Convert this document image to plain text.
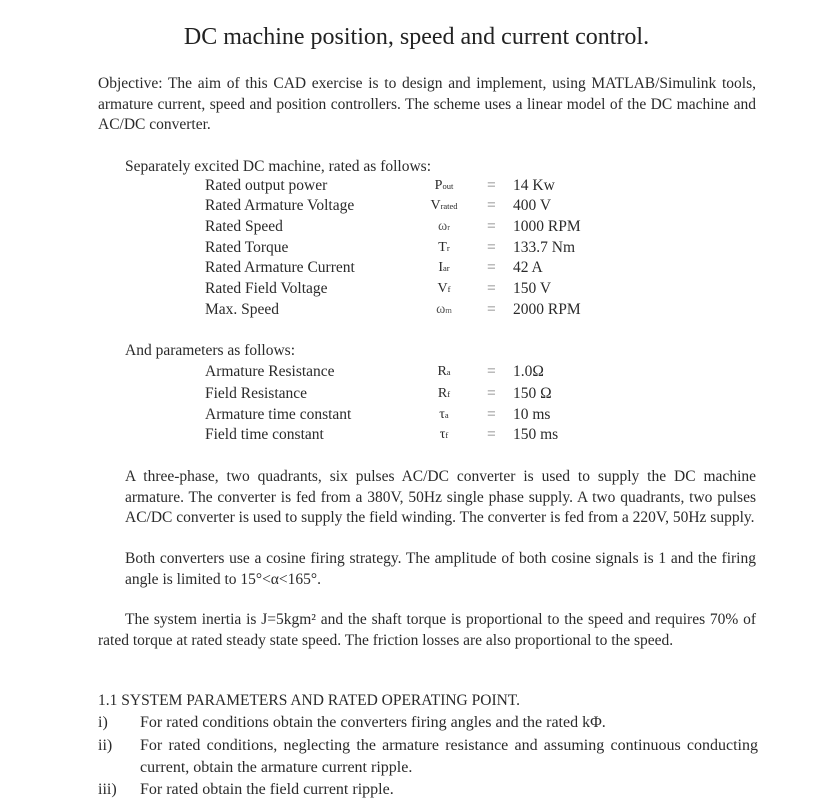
DC machine position, speed and current control.

Objective: The aim of this CAD exercise is to design and implement, using MATLAB/Simulink tools, armature current, speed and position controllers. The scheme uses a linear model of the DC machine and AC/DC converter.

Separately excited DC machine, rated as follows:
Rated output power	Pout	= 14 Kw
Rated Armature Voltage	Vrated	= 400 V
Rated Speed	ωr	= 1000 RPM
Rated Torque	Tr	= 133.7 Nm
Rated Armature Current	Iar	= 42 A
Rated Field Voltage	Vf	= 150 V
Max. Speed	ωm	= 2000 RPM
And parameters as follows:
Armature Resistance	Ra	= 1.0Ω
Field Resistance	Rf	= 150 Ω
Armature time constant	τa	= 10 ms
Field time constant	τf	= 150 ms

A three-phase, two quadrants, six pulses AC/DC converter is used to supply the DC machine armature. The converter is fed from a 380V, 50Hz single phase supply. A two quadrants, two pulses AC/DC converter is used to supply the field winding. The converter is fed from a 220V, 50Hz supply.

Both converters use a cosine firing strategy. The amplitude of both cosine signals is 1 and the firing angle is limited to 15°<α<165°.

The system inertia is J=5kgm² and the shaft torque is proportional to the speed and requires 70% of rated torque at rated steady state speed. The friction losses are also proportional to the speed.

1.1 SYSTEM PARAMETERS AND RATED OPERATING POINT.
i) For rated conditions obtain the converters firing angles and the rated kΦ.
ii) For rated conditions, neglecting the armature resistance and assuming continuous conducting current, obtain the armature current ripple.
iii) For rated obtain the field current ripple.
